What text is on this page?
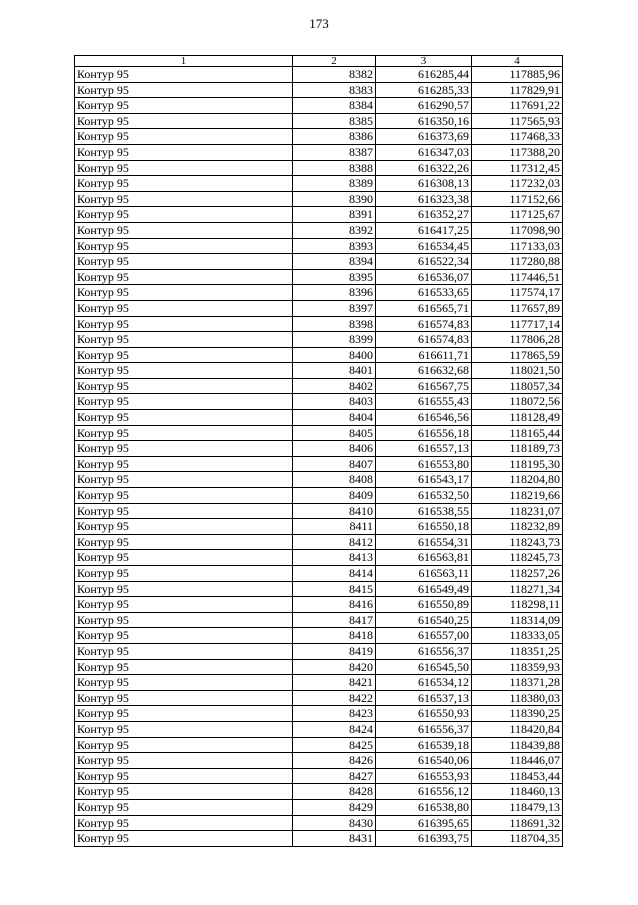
173
1	2	3	4
Контур 95	8382	616285,44	117885,96
Контур 95	8383	616285,33	117829,91
Контур 95	8384	616290,57	117691,22
Контур 95	8385	616350,16	117565,93
Контур 95	8386	616373,69	117468,33
Контур 95	8387	616347,03	117388,20
Контур 95	8388	616322,26	117312,45
Контур 95	8389	616308,13	117232,03
Контур 95	8390	616323,38	117152,66
Контур 95	8391	616352,27	117125,67
Контур 95	8392	616417,25	117098,90
Контур 95	8393	616534,45	117133,03
Контур 95	8394	616522,34	117280,88
Контур 95	8395	616536,07	117446,51
Контур 95	8396	616533,65	117574,17
Контур 95	8397	616565,71	117657,89
Контур 95	8398	616574,83	117717,14
Контур 95	8399	616574,83	117806,28
Контур 95	8400	616611,71	117865,59
Контур 95	8401	616632,68	118021,50
Контур 95	8402	616567,75	118057,34
Контур 95	8403	616555,43	118072,56
Контур 95	8404	616546,56	118128,49
Контур 95	8405	616556,18	118165,44
Контур 95	8406	616557,13	118189,73
Контур 95	8407	616553,80	118195,30
Контур 95	8408	616543,17	118204,80
Контур 95	8409	616532,50	118219,66
Контур 95	8410	616538,55	118231,07
Контур 95	8411	616550,18	118232,89
Контур 95	8412	616554,31	118243,73
Контур 95	8413	616563,81	118245,73
Контур 95	8414	616563,11	118257,26
Контур 95	8415	616549,49	118271,34
Контур 95	8416	616550,89	118298,11
Контур 95	8417	616540,25	118314,09
Контур 95	8418	616557,00	118333,05
Контур 95	8419	616556,37	118351,25
Контур 95	8420	616545,50	118359,93
Контур 95	8421	616534,12	118371,28
Контур 95	8422	616537,13	118380,03
Контур 95	8423	616550,93	118390,25
Контур 95	8424	616556,37	118420,84
Контур 95	8425	616539,18	118439,88
Контур 95	8426	616540,06	118446,07
Контур 95	8427	616553,93	118453,44
Контур 95	8428	616556,12	118460,13
Контур 95	8429	616538,80	118479,13
Контур 95	8430	616395,65	118691,32
Контур 95	8431	616393,75	118704,35
